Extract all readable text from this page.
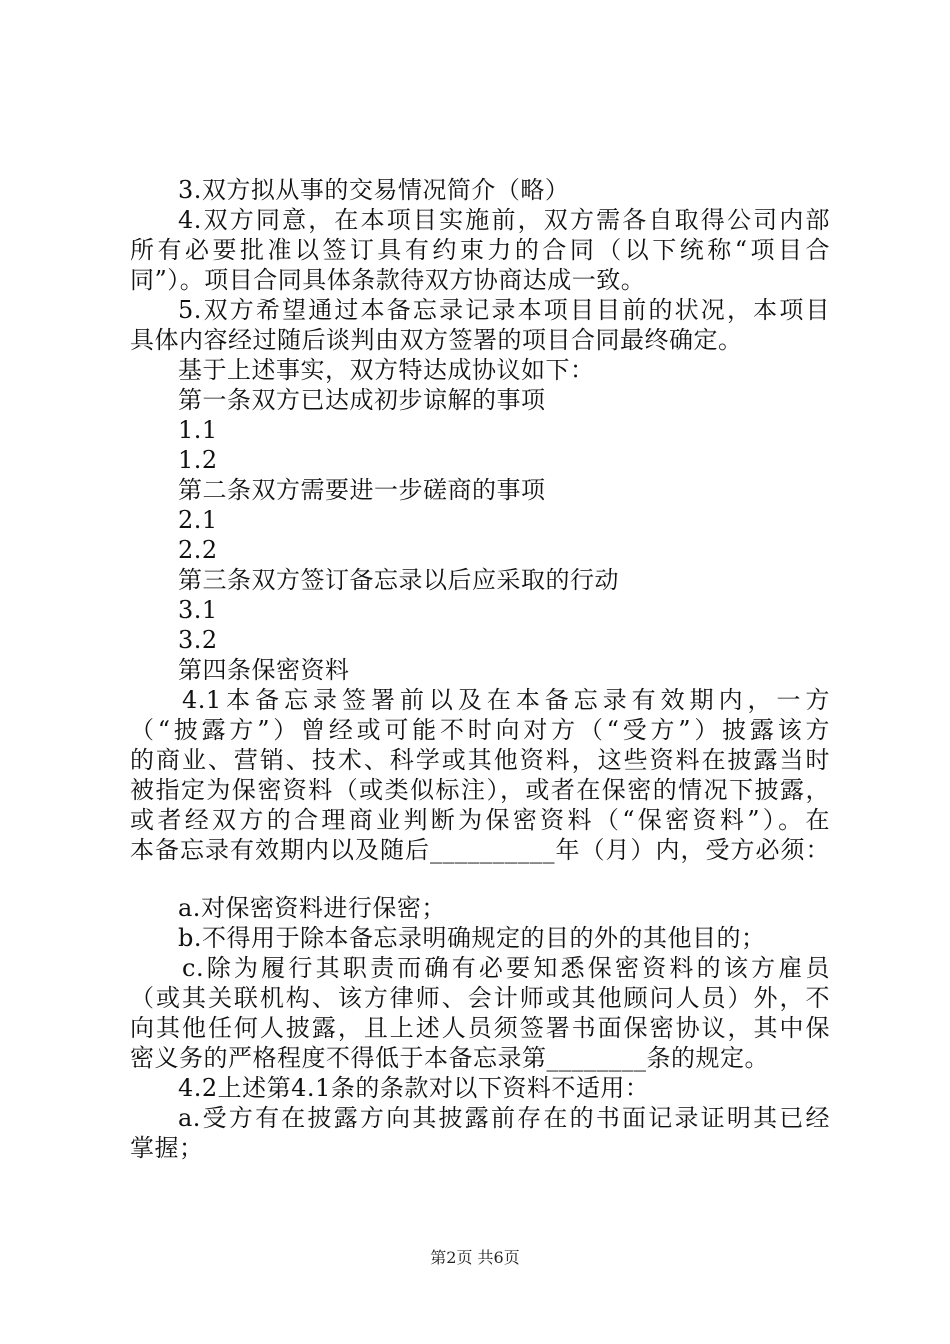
3.双方拟从事的交易情况简介（略）
4.双方同意，在本项目实施前，双方需各自取得公司内部
所有必要批准以签订具有约束力的合同（以下统称“项目合
同”）。项目合同具体条款待双方协商达成一致。
5.双方希望通过本备忘录记录本项目目前的状况，本项目
具体内容经过随后谈判由双方签署的项目合同最终确定。
基于上述事实，双方特达成协议如下：
第一条双方已达成初步谅解的事项
1.1
1.2
第二条双方需要进一步磋商的事项
2.1
2.2
第三条双方签订备忘录以后应采取的行动
3.1
3.2
第四条保密资料
4.1本备忘录签署前以及在本备忘录有效期内，一方
（“披露方”）曾经或可能不时向对方（“受方”）披露该方
的商业、营销、技术、科学或其他资料，这些资料在披露当时
被指定为保密资料（或类似标注），或者在保密的情况下披露，
或者经双方的合理商业判断为保密资料（“保密资料”）。在
本备忘录有效期内以及随后__________年（月）内，受方必须：
a.对保密资料进行保密；
b.不得用于除本备忘录明确规定的目的外的其他目的；
c.除为履行其职责而确有必要知悉保密资料的该方雇员
（或其关联机构、该方律师、会计师或其他顾问人员）外，不
向其他任何人披露，且上述人员须签署书面保密协议，其中保
密义务的严格程度不得低于本备忘录第________条的规定。
4.2上述第4.1条的条款对以下资料不适用：
a.受方有在披露方向其披露前存在的书面记录证明其已经
掌握；
第2页 共6页
